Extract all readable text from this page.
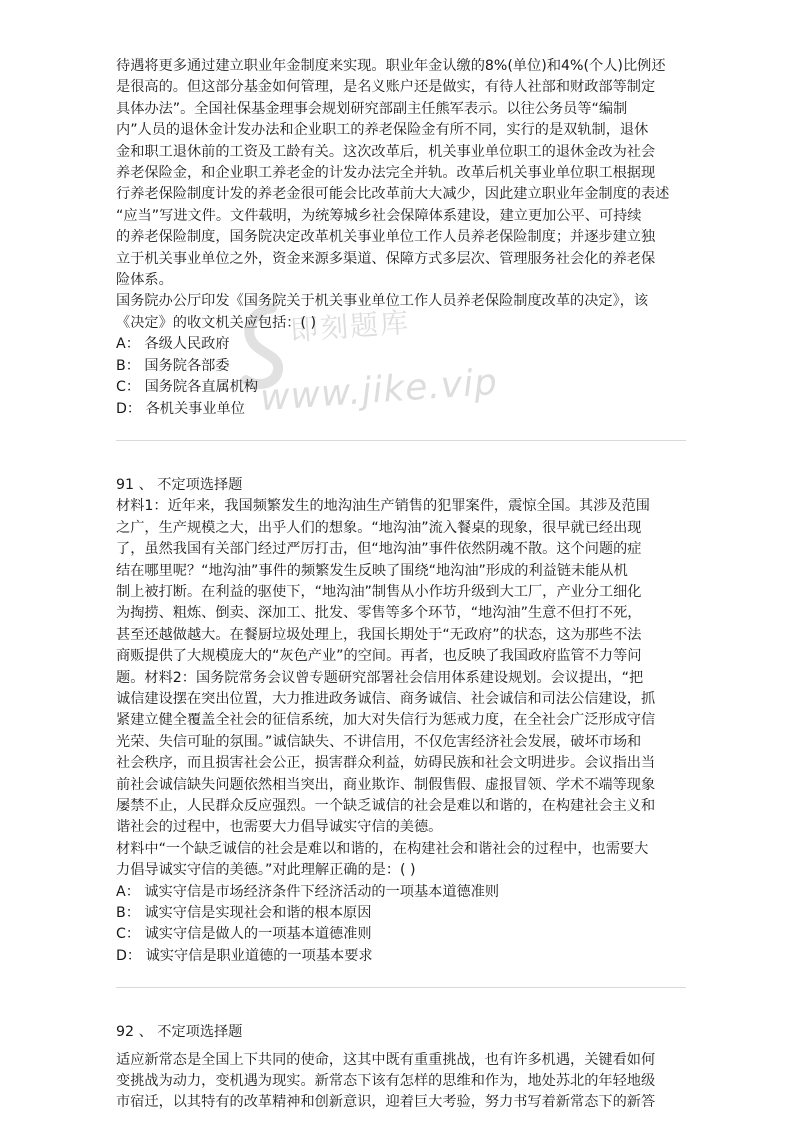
即刻题库
www.jike.vip

待遇将更多通过建立职业年金制度来实现。职业年金认缴的8%(单位)和4%(个人)比例还

是很高的。但这部分基金如何管理，是名义账户还是做实，有待人社部和财政部等制定

具体办法”。全国社保基金理事会规划研究部副主任熊军表示。以往公务员等“编制

内”人员的退休金计发办法和企业职工的养老保险金有所不同，实行的是双轨制，退休

金和职工退休前的工资及工龄有关。这次改革后，机关事业单位职工的退休金改为社会

养老保险金，和企业职工养老金的计发办法完全并轨。改革后机关事业单位职工根据现

行养老保险制度计发的养老金很可能会比改革前大大减少，因此建立职业年金制度的表述

“应当”写进文件。文件载明，为统筹城乡社会保障体系建设，建立更加公平、可持续

的养老保险制度，国务院决定改革机关事业单位工作人员养老保险制度；并逐步建立独

立于机关事业单位之外，资金来源多渠道、保障方式多层次、管理服务社会化的养老保

险体系。

国务院办公厅印发《国务院关于机关事业单位工作人员养老保险制度改革的决定》，该

《决定》的收文机关应包括：( )

A： 各级人民政府

B： 国务院各部委

C： 国务院各直属机构

D： 各机关事业单位

91 、 不定项选择题

材料1：近年来，我国频繁发生的地沟油生产销售的犯罪案件，震惊全国。其涉及范围

之广，生产规模之大，出乎人们的想象。“地沟油”流入餐桌的现象，很早就已经出现

了，虽然我国有关部门经过严厉打击，但“地沟油”事件依然阴魂不散。这个问题的症

结在哪里呢？“地沟油”事件的频繁发生反映了围绕“地沟油”形成的利益链未能从机

制上被打断。在利益的驱使下，“地沟油”制售从小作坊升级到大工厂，产业分工细化

为掏捞、粗炼、倒卖、深加工、批发、零售等多个环节，“地沟油”生意不但打不死，

甚至还越做越大。在餐厨垃圾处理上，我国长期处于“无政府”的状态，这为那些不法

商贩提供了大规模庞大的“灰色产业”的空间。再者，也反映了我国政府监管不力等问

题。材料2：国务院常务会议曾专题研究部署社会信用体系建设规划。会议提出，“把

诚信建设摆在突出位置，大力推进政务诚信、商务诚信、社会诚信和司法公信建设，抓

紧建立健全覆盖全社会的征信系统，加大对失信行为惩戒力度，在全社会广泛形成守信

光荣、失信可耻的氛围。”诚信缺失、不讲信用，不仅危害经济社会发展，破坏市场和

社会秩序，而且损害社会公正，损害群众利益，妨碍民族和社会文明进步。会议指出当

前社会诚信缺失问题依然相当突出，商业欺诈、制假售假、虚报冒领、学术不端等现象

屡禁不止，人民群众反应强烈。一个缺乏诚信的社会是难以和谐的，在构建社会主义和

谐社会的过程中，也需要大力倡导诚实守信的美德。

材料中“一个缺乏诚信的社会是难以和谐的，在构建社会和谐社会的过程中，也需要大

力倡导诚实守信的美德。”对此理解正确的是：( )

A： 诚实守信是市场经济条件下经济活动的一项基本道德准则

B： 诚实守信是实现社会和谐的根本原因

C： 诚实守信是做人的一项基本道德准则

D： 诚实守信是职业道德的一项基本要求

92 、 不定项选择题

适应新常态是全国上下共同的使命，这其中既有重重挑战，也有许多机遇，关键看如何

变挑战为动力，变机遇为现实。新常态下该有怎样的思维和作为，地处苏北的年轻地级

市宿迁，以其特有的改革精神和创新意识，迎着巨大考验，努力书写着新常态下的新答
